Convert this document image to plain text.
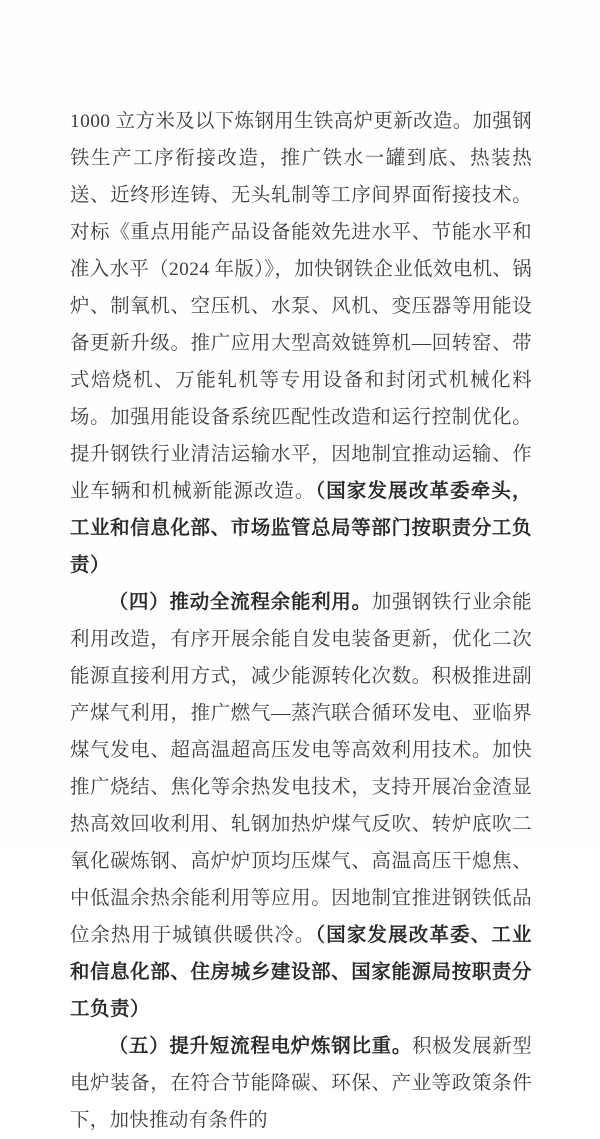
1000 立方米及以下炼钢用生铁高炉更新改造。加强钢铁生产工序衔接改造，推广铁水一罐到底、热装热送、近终形连铸、无头轧制等工序间界面衔接技术。对标《重点用能产品设备能效先进水平、节能水平和准入水平（2024 年版）》，加快钢铁企业低效电机、锅炉、制氧机、空压机、水泵、风机、变压器等用能设备更新升级。推广应用大型高效链箅机—回转窑、带式焙烧机、万能轧机等专用设备和封闭式机械化料场。加强用能设备系统匹配性改造和运行控制优化。提升钢铁行业清洁运输水平，因地制宜推动运输、作业车辆和机械新能源改造。（国家发展改革委牵头，工业和信息化部、市场监管总局等部门按职责分工负责）

（四）推动全流程余能利用。加强钢铁行业余能利用改造，有序开展余能自发电装备更新，优化二次能源直接利用方式，减少能源转化次数。积极推进副产煤气利用，推广燃气—蒸汽联合循环发电、亚临界煤气发电、超高温超高压发电等高效利用技术。加快推广烧结、焦化等余热发电技术，支持开展冶金渣显热高效回收利用、轧钢加热炉煤气反吹、转炉底吹二氧化碳炼钢、高炉炉顶均压煤气、高温高压干熄焦、中低温余热余能利用等应用。因地制宜推进钢铁低品位余热用于城镇供暖供冷。（国家发展改革委、工业和信息化部、住房城乡建设部、国家能源局按职责分工负责）

（五）提升短流程电炉炼钢比重。积极发展新型电炉装备，在符合节能降碳、环保、产业等政策条件下，加快推动有条件的
